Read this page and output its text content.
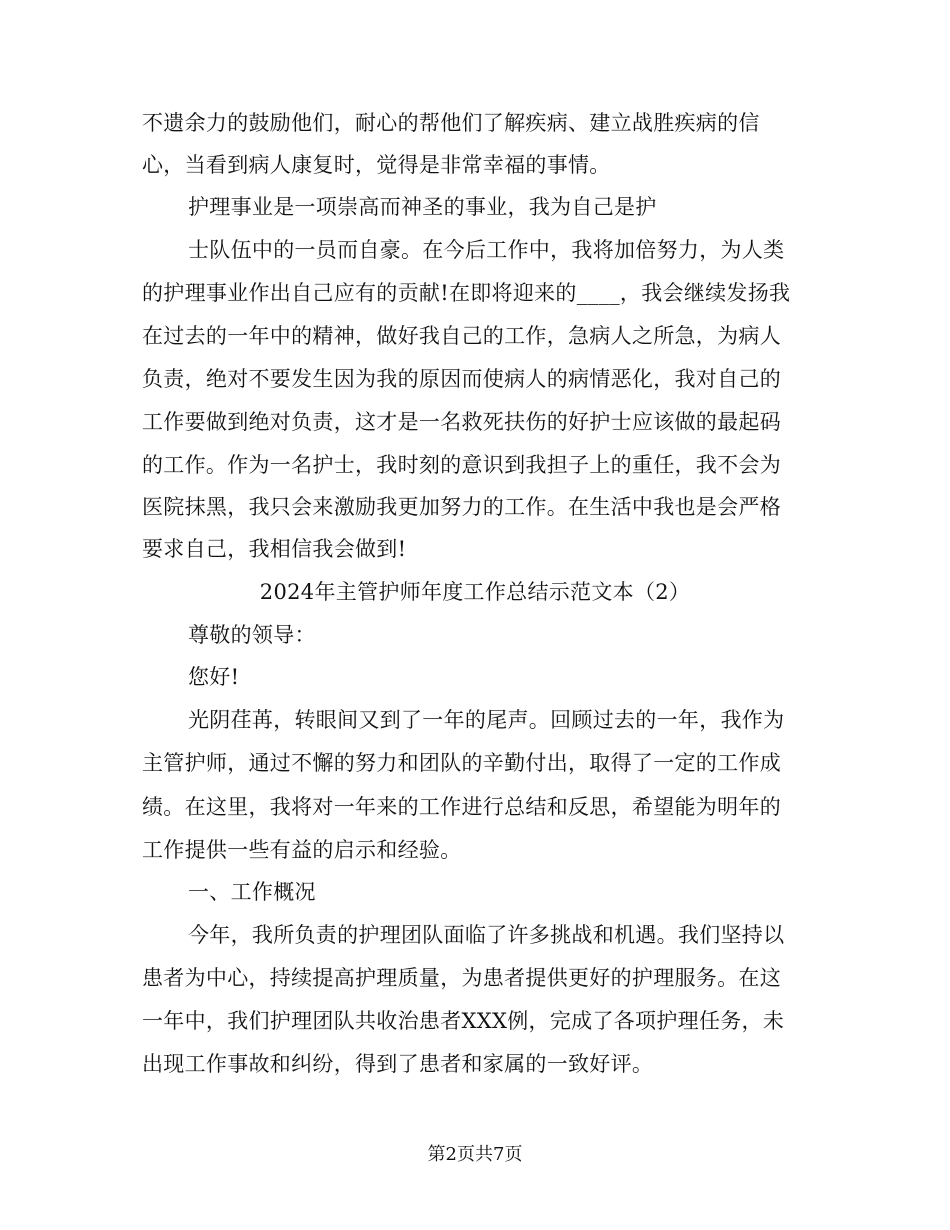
不遗余力的鼓励他们，耐心的帮他们了解疾病、建立战胜疾病的信
心，当看到病人康复时，觉得是非常幸福的事情。
护理事业是一项崇高而神圣的事业，我为自己是护
士队伍中的一员而自豪。在今后工作中，我将加倍努力，为人类
的护理事业作出自己应有的贡献!在即将迎来的____，我会继续发扬我
在过去的一年中的精神，做好我自己的工作，急病人之所急，为病人
负责，绝对不要发生因为我的原因而使病人的病情恶化，我对自己的
工作要做到绝对负责，这才是一名救死扶伤的好护士应该做的最起码
的工作。作为一名护士，我时刻的意识到我担子上的重任，我不会为
医院抹黑，我只会来激励我更加努力的工作。在生活中我也是会严格
要求自己，我相信我会做到!
2024年主管护师年度工作总结示范文本（2）
尊敬的领导：
您好!
光阴荏苒，转眼间又到了一年的尾声。回顾过去的一年，我作为
主管护师，通过不懈的努力和团队的辛勤付出，取得了一定的工作成
绩。在这里，我将对一年来的工作进行总结和反思，希望能为明年的
工作提供一些有益的启示和经验。
一、工作概况
今年，我所负责的护理团队面临了许多挑战和机遇。我们坚持以
患者为中心，持续提高护理质量，为患者提供更好的护理服务。在这
一年中，我们护理团队共收治患者XXX例，完成了各项护理任务，未
出现工作事故和纠纷，得到了患者和家属的一致好评。
第2页共7页
